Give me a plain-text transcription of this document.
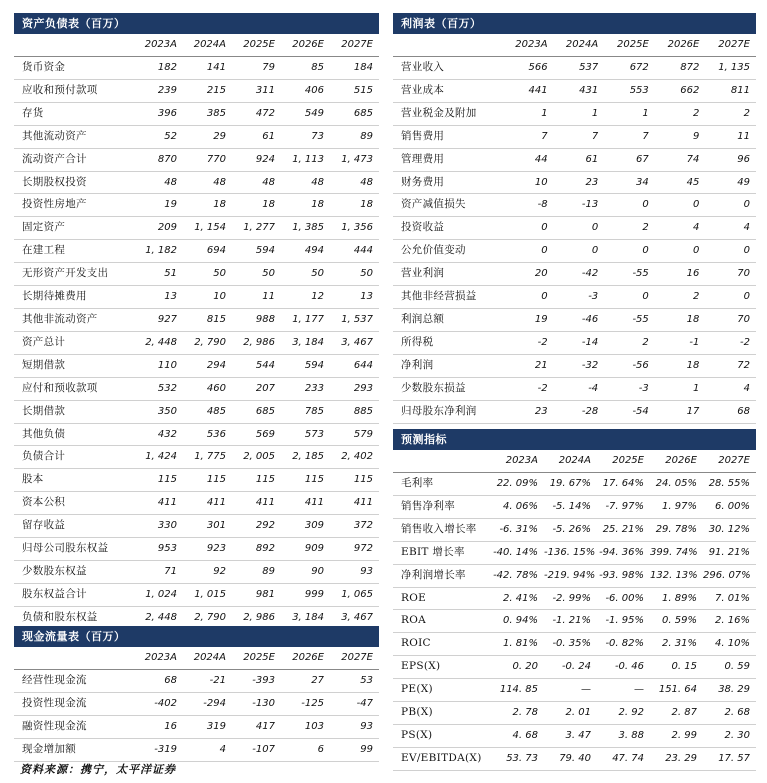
资产负债表（百万）
	2023A	2024A	2025E	2026E	2027E
货币资金	182	141	79	85	184
应收和预付款项	239	215	311	406	515
存货	396	385	472	549	685
其他流动资产	52	29	61	73	89
流动资产合计	870	770	924	1, 113	1, 473
长期股权投资	48	48	48	48	48
投资性房地产	19	18	18	18	18
固定资产	209	1, 154	1, 277	1, 385	1, 356
在建工程	1, 182	694	594	494	444
无形资产开发支出	51	50	50	50	50
长期待摊费用	13	10	11	12	13
其他非流动资产	927	815	988	1, 177	1, 537
资产总计	2, 448	2, 790	2, 986	3, 184	3, 467
短期借款	110	294	544	594	644
应付和预收款项	532	460	207	233	293
长期借款	350	485	685	785	885
其他负债	432	536	569	573	579
负债合计	1, 424	1, 775	2, 005	2, 185	2, 402
股本	115	115	115	115	115
资本公积	411	411	411	411	411
留存收益	330	301	292	309	372
归母公司股东权益	953	923	892	909	972
少数股东权益	71	92	89	90	93
股东权益合计	1, 024	1, 015	981	999	1, 065
负债和股东权益	2, 448	2, 790	2, 986	3, 184	3, 467
现金流量表（百万）
	2023A	2024A	2025E	2026E	2027E
经营性现金流	68	-21	-393	27	53
投资性现金流	-402	-294	-130	-125	-47
融资性现金流	16	319	417	103	93
现金增加额	-319	4	-107	6	99
利润表（百万）
	2023A	2024A	2025E	2026E	2027E
营业收入	566	537	672	872	1, 135
营业成本	441	431	553	662	811
营业税金及附加	1	1	1	2	2
销售费用	7	7	7	9	11
管理费用	44	61	67	74	96
财务费用	10	23	34	45	49
资产减值损失	-8	-13	0	0	0
投资收益	0	0	2	4	4
公允价值变动	0	0	0	0	0
营业利润	20	-42	-55	16	70
其他非经营损益	0	-3	0	2	0
利润总额	19	-46	-55	18	70
所得税	-2	-14	2	-1	-2
净利润	21	-32	-56	18	72
少数股东损益	-2	-4	-3	1	4
归母股东净利润	23	-28	-54	17	68
预测指标
	2023A	2024A	2025E	2026E	2027E
毛利率	22. 09%	19. 67%	17. 64%	24. 05%	28. 55%
销售净利率	4. 06%	-5. 14%	-7. 97%	1. 97%	6. 00%
销售收入增长率	-6. 31%	-5. 26%	25. 21%	29. 78%	30. 12%
EBIT 增长率	-40. 14%	-136. 15%	-94. 36%	399. 74%	91. 21%
净利润增长率	-42. 78%	-219. 94%	-93. 98%	132. 13%	296. 07%
ROE	2. 41%	-2. 99%	-6. 00%	1. 89%	7. 01%
ROA	0. 94%	-1. 21%	-1. 95%	0. 59%	2. 16%
ROIC	1. 81%	-0. 35%	-0. 82%	2. 31%	4. 10%
EPS(X)	0. 20	-0. 24	-0. 46	0. 15	0. 59
PE(X)	114. 85	—	—	151. 64	38. 29
PB(X)	2. 78	2. 01	2. 92	2. 87	2. 68
PS(X)	4. 68	3. 47	3. 88	2. 99	2. 30
EV/EBITDA(X)	53. 73	79. 40	47. 74	23. 29	17. 57
资料来源：携宁，太平洋证券
